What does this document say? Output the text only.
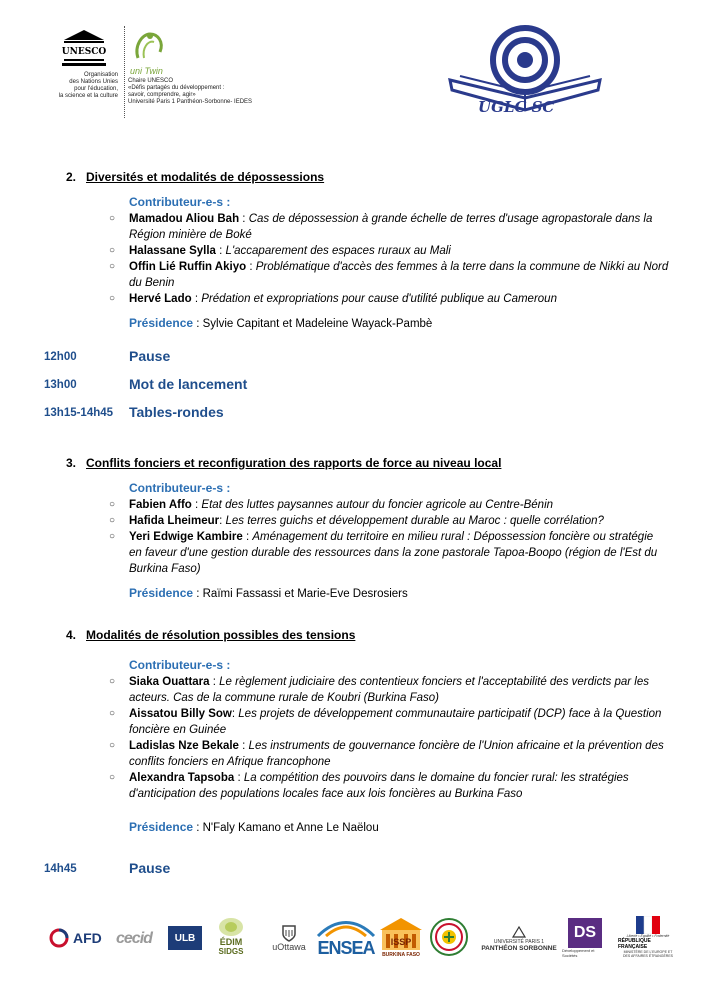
UNESCO
Organisation
des Nations Unies
pour l'éducation,
la science et la culture
uni Twin
Chaire UNESCO
«Défis partagés du développement :
savoir, comprendre, agir»
Université Paris 1 Panthéon-Sorbonne- IEDES	UGLC SC
2. Diversités et modalités de dépossessions
Contributeur-e-s :
○ Mamadou Aliou Bah : Cas de dépossession à grande échelle de terres d'usage agropastorale dans la Région minière de Boké
○ Halassane Sylla : L'accaparement des espaces ruraux au Mali
○ Offin Lié Ruffin Akiyo : Problématique d'accès des femmes à la terre dans la commune de Nikki au Nord du Benin
○ Hervé Lado : Prédation et expropriations pour cause d'utilité publique au Cameroun
Présidence : Sylvie Capitant et Madeleine Wayack-Pambè
12h00	Pause
13h00	Mot de lancement
13h15-14h45 Tables-rondes
3. Conflits fonciers et reconfiguration des rapports de force au niveau local
Contributeur-e-s :
○ Fabien Affo : Etat des luttes paysannes autour du foncier agricole au Centre-Bénin
○ Hafida Lheimeur: Les terres guichs et développement durable au Maroc : quelle corrélation?
○ Yeri Edwige Kambire : Aménagement du territoire en milieu rural : Dépossession foncière ou stratégie en faveur d'une gestion durable des ressources dans la zone pastorale Tapoa-Boopo (région de l'Est du Burkina Faso)
Présidence : Raïmi Fassassi et Marie-Eve Desrosiers
4. Modalités de résolution possibles des tensions
Contributeur-e-s :
○ Siaka Ouattara : Le règlement judiciaire des contentieux fonciers et l'acceptabilité des verdicts par les acteurs. Cas de la commune rurale de Koubri (Burkina Faso)
○ Aissatou Billy Sow: Les projets de développement communautaire participatif (DCP) face à la Question foncière en Guinée
○ Ladislas Nze Bekale : Les instruments de gouvernance foncière de l'Union africaine et la prévention des conflits fonciers en Afrique francophone
○ Alexandra Tapsoba : La compétition des pouvoirs dans le domaine du foncier rural: les stratégies d'anticipation des populations locales face aux lois foncières au Burkina Faso
Présidence : N'Faly Kamano et Anne Le Naëlou
14h45	Pause
AFD cecid ULB	ÉDIM
SIDGS	uOttawa ENSEA ISSP
BURKINA FASO
UNIVERSITÉ PARIS 1
PANTHÉON SORBONNE
DS
Développement et Sociétés
Liberté • Égalité • Fraternité
RÉPUBLIQUE FRANÇAISE
MINISTÈRE DE L'EUROPE ET DES AFFAIRES ÉTRANGÈRES
